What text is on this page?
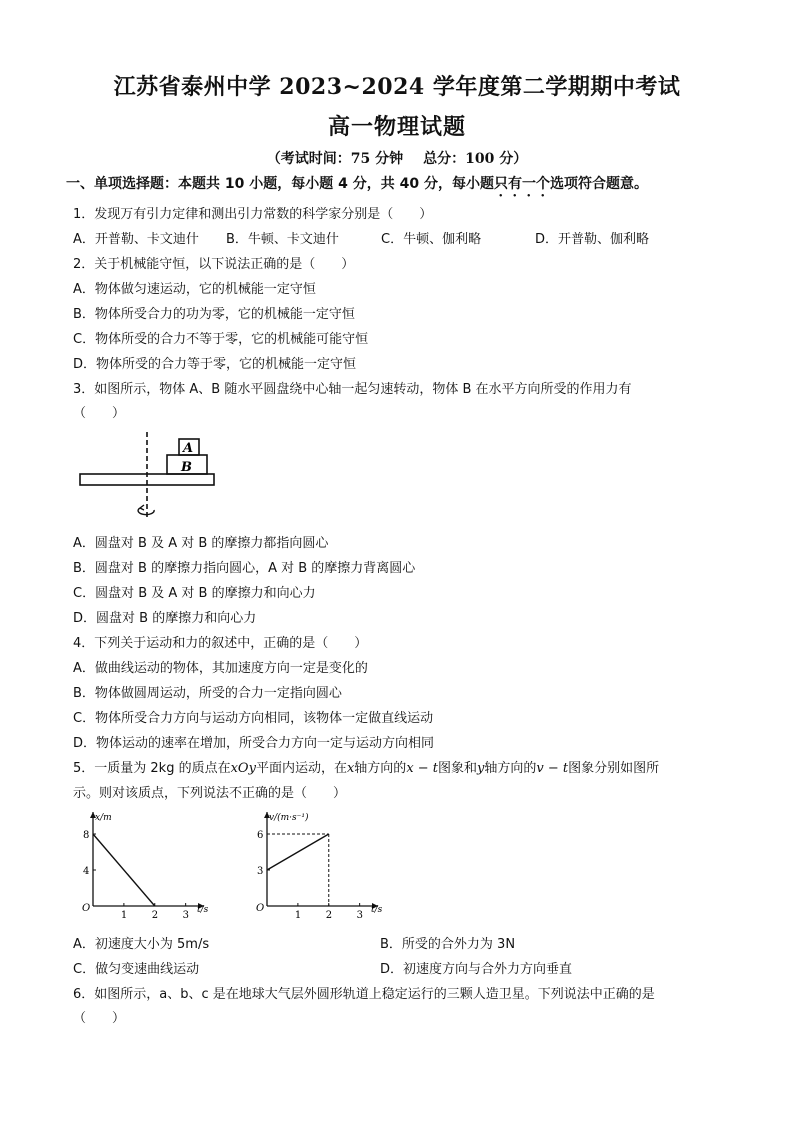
江苏省泰州中学 2023~2024 学年度第二学期期中考试
高一物理试题
（考试时间：75 分钟 总分：100 分）
一、单项选择题：本题共 10 小题，每小题 4 分，共 40 分，每小题只有一个选项符合题意。
1．发现万有引力定律和测出引力常数的科学家分别是（　　）
A．开普勒、卡文迪什 B．牛顿、卡文迪什	C．牛顿、伽利略	D．开普勒、伽利略
2．关于机械能守恒，以下说法正确的是（　　）
A．物体做匀速运动，它的机械能一定守恒
B．物体所受合力的功为零，它的机械能一定守恒
C．物体所受的合力不等于零，它的机械能可能守恒
D．物体所受的合力等于零，它的机械能一定守恒
3．如图所示，物体 A、B 随水平圆盘绕中心轴一起匀速转动，物体 B 在水平方向所受的作用力有
（　　）
A
B
A．圆盘对 B 及 A 对 B 的摩擦力都指向圆心
B．圆盘对 B 的摩擦力指向圆心，A 对 B 的摩擦力背离圆心
C．圆盘对 B 及 A 对 B 的摩擦力和向心力
D．圆盘对 B 的摩擦力和向心力
4．下列关于运动和力的叙述中，正确的是（　　）
A．做曲线运动的物体，其加速度方向一定是变化的
B．物体做圆周运动，所受的合力一定指向圆心
C．物体所受合力方向与运动方向相同，该物体一定做直线运动
D．物体运动的速率在增加，所受合力方向一定与运动方向相同
5．一质量为 2kg 的质点在xOy平面内运动，在x轴方向的x − t图象和y轴方向的v − t图象分别如图所
示。则对该质点，下列说法不正确的是（　　）
x/m
t/s
O
1 2 3
4
8
v/(m·s⁻¹)
t/s
O
1 2 3
3
6
A．初速度大小为 5m/s	B．所受的合外力为 3N
C．做匀变速曲线运动	D．初速度方向与合外力方向垂直
6．如图所示，a、b、c 是在地球大气层外圆形轨道上稳定运行的三颗人造卫星。下列说法中正确的是
（　　）
